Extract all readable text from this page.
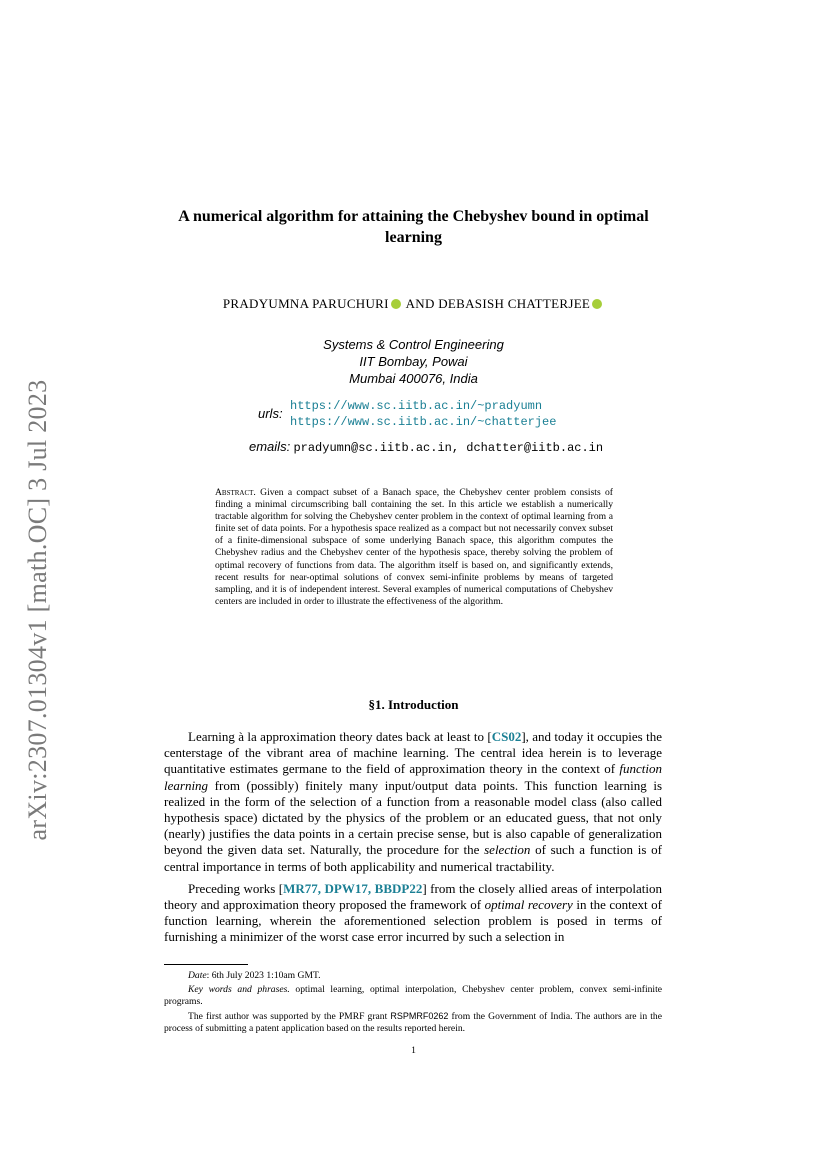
arXiv:2307.01304v1 [math.OC] 3 Jul 2023
A numerical algorithm for attaining the Chebyshev bound in optimal learning
PRADYUMNA PARUCHURI AND DEBASISH CHATTERJEE
Systems & Control Engineering
IIT Bombay, Powai
Mumbai 400076, India
urls: https://www.sc.iitb.ac.in/~pradyumn
https://www.sc.iitb.ac.in/~chatterjee
emails: pradyumn@sc.iitb.ac.in, dchatter@iitb.ac.in
Abstract. Given a compact subset of a Banach space, the Chebyshev center problem consists of finding a minimal circumscribing ball containing the set. In this article we establish a numerically tractable algorithm for solving the Chebyshev center problem in the context of optimal learning from a finite set of data points. For a hypothesis space realized as a compact but not necessarily convex subset of a finite-dimensional subspace of some underlying Banach space, this algorithm computes the Chebyshev radius and the Chebyshev center of the hypothesis space, thereby solving the problem of optimal recovery of functions from data. The algorithm itself is based on, and significantly extends, recent results for near-optimal solutions of convex semi-infinite problems by means of targeted sampling, and it is of independent interest. Several examples of numerical computations of Chebyshev centers are included in order to illustrate the effectiveness of the algorithm.
§1. Introduction

Learning à la approximation theory dates back at least to [CS02], and today it occupies the centerstage of the vibrant area of machine learning. The central idea herein is to leverage quantitative estimates germane to the field of approximation theory in the context of function learning from (possibly) finitely many input/output data points. This function learning is realized in the form of the selection of a function from a reasonable model class (also called hypothesis space) dictated by the physics of the problem or an educated guess, that not only (nearly) justifies the data points in a certain precise sense, but is also capable of generalization beyond the given data set. Naturally, the procedure for the selection of such a function is of central importance in terms of both applicability and numerical tractability.

Preceding works [MR77, DPW17, BBDP22] from the closely allied areas of interpolation theory and approximation theory proposed the framework of optimal recovery in the context of function learning, wherein the aforementioned selection problem is posed in terms of furnishing a minimizer of the worst case error incurred by such a selection in

Date: 6th July 2023 1:10am GMT.

Key words and phrases. optimal learning, optimal interpolation, Chebyshev center problem, convex semi-infinite programs.

The first author was supported by the PMRF grant RSPMRF0262 from the Government of India. The authors are in the process of submitting a patent application based on the results reported herein.

1
